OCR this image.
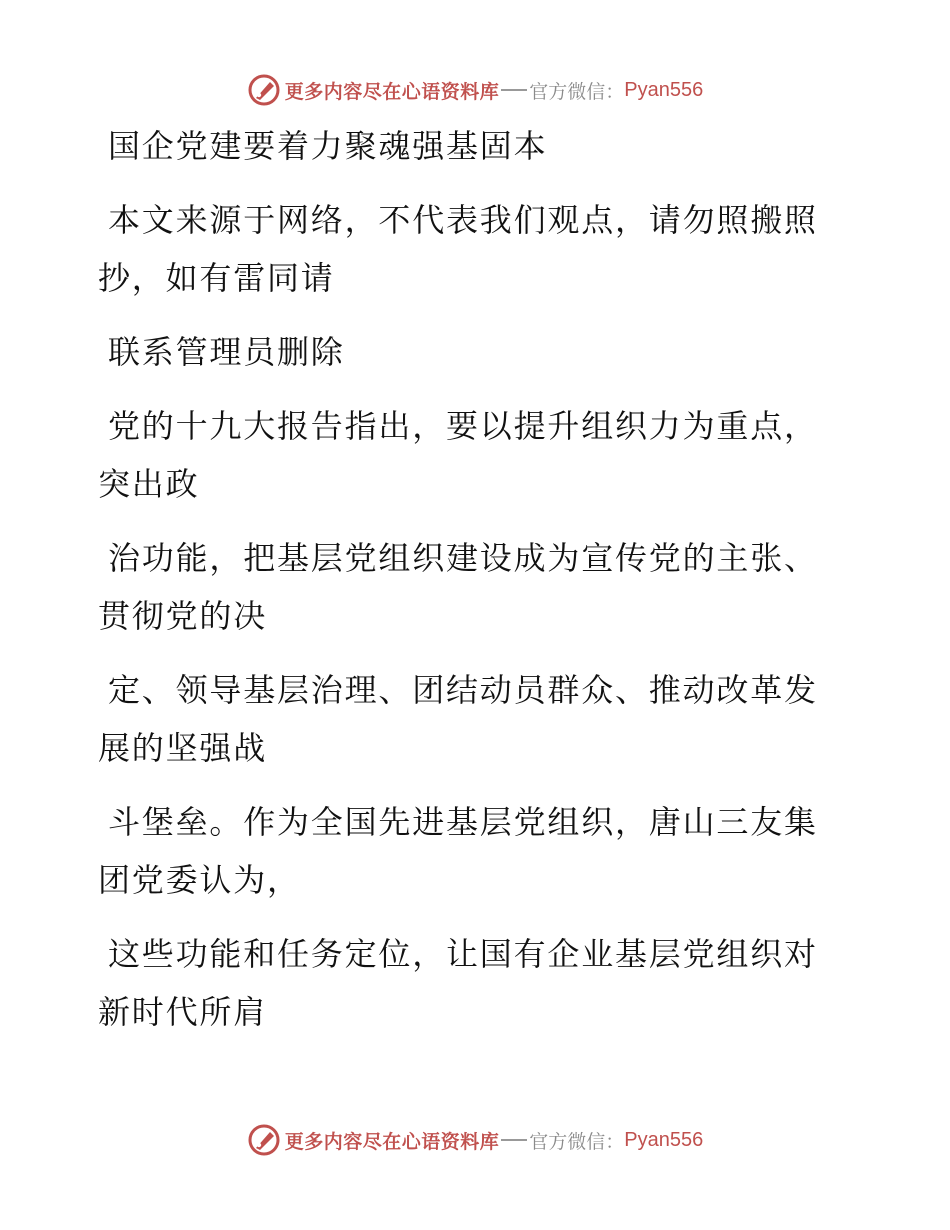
更多内容尽在心语资料库 官方微信： Pyan556
国企党建要着力聚魂强基固本
本文来源于网络，不代表我们观点，请勿照搬照
抄，如有雷同请
联系管理员删除
党的十九大报告指出，要以提升组织力为重点，
突出政
治功能，把基层党组织建设成为宣传党的主张、
贯彻党的决
定、领导基层治理、团结动员群众、推动改革发
展的坚强战
斗堡垒。作为全国先进基层党组织，唐山三友集
团党委认为，
这些功能和任务定位，让国有企业基层党组织对
新时代所肩
更多内容尽在心语资料库 官方微信： Pyan556
